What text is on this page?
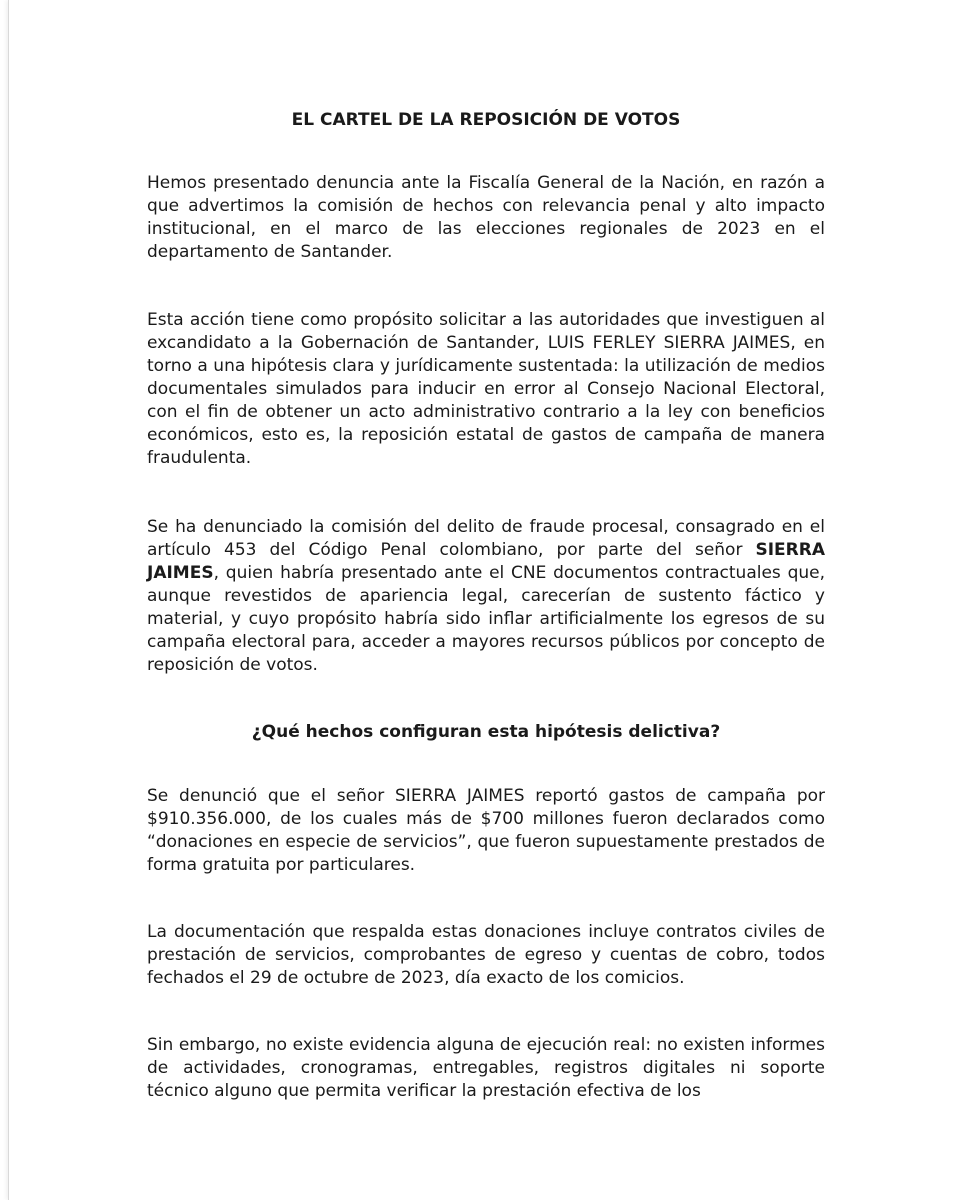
EL CARTEL DE LA REPOSICIÓN DE VOTOS

Hemos presentado denuncia ante la Fiscalía General de la Nación, en razón a que advertimos la comisión de hechos con relevancia penal y alto impacto institucional, en el marco de las elecciones regionales de 2023 en el departamento de Santander.

Esta acción tiene como propósito solicitar a las autoridades que investiguen al excandidato a la Gobernación de Santander, LUIS FERLEY SIERRA JAIMES, en torno a una hipótesis clara y jurídicamente sustentada: la utilización de medios documentales simulados para inducir en error al Consejo Nacional Electoral, con el fin de obtener un acto administrativo contrario a la ley con beneficios económicos, esto es, la reposición estatal de gastos de campaña de manera fraudulenta.

Se ha denunciado la comisión del delito de fraude procesal, consagrado en el artículo 453 del Código Penal colombiano, por parte del señor SIERRA JAIMES, quien habría presentado ante el CNE documentos contractuales que, aunque revestidos de apariencia legal, carecerían de sustento fáctico y material, y cuyo propósito habría sido inflar artificialmente los egresos de su campaña electoral para, acceder a mayores recursos públicos por concepto de reposición de votos.

¿Qué hechos configuran esta hipótesis delictiva?

Se denunció que el señor SIERRA JAIMES reportó gastos de campaña por $910.356.000, de los cuales más de $700 millones fueron declarados como “donaciones en especie de servicios”, que fueron supuestamente prestados de forma gratuita por particulares.

La documentación que respalda estas donaciones incluye contratos civiles de prestación de servicios, comprobantes de egreso y cuentas de cobro, todos fechados el 29 de octubre de 2023, día exacto de los comicios.

Sin embargo, no existe evidencia alguna de ejecución real: no existen informes de actividades, cronogramas, entregables, registros digitales ni soporte técnico alguno que permita verificar la prestación efectiva de los
